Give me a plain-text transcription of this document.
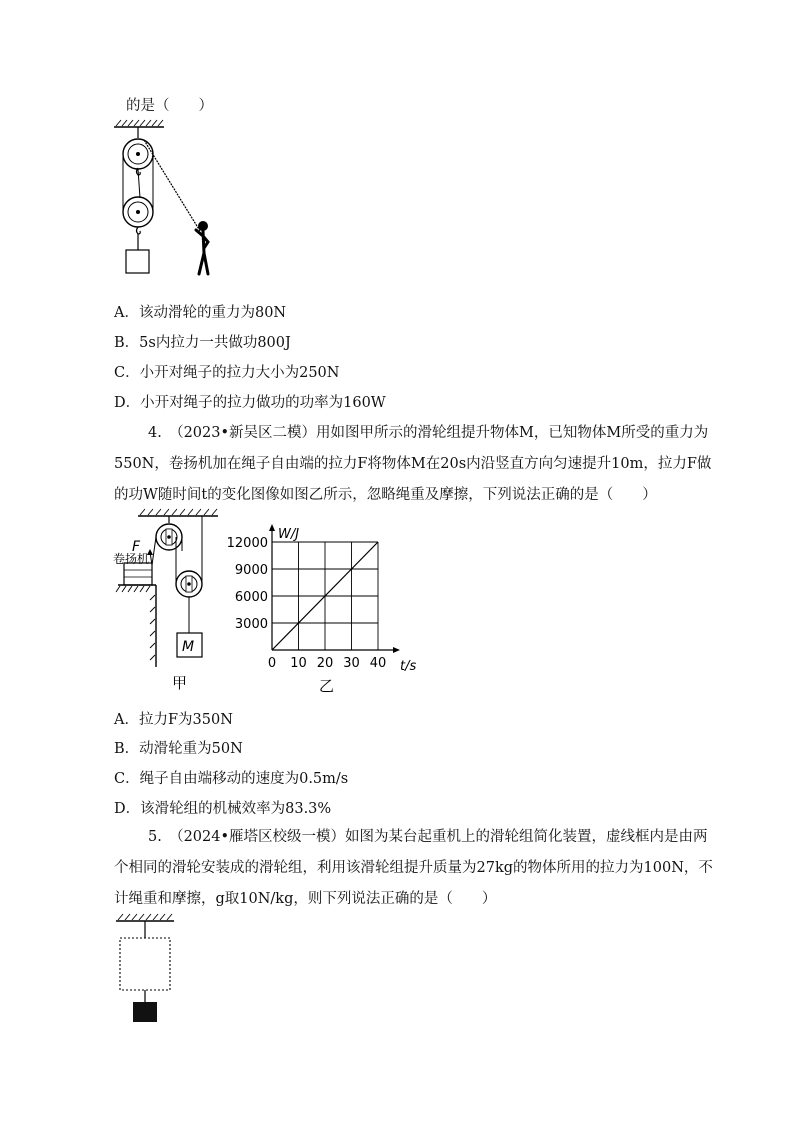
的是（　　）
A．该动滑轮的重力为80N
B．5s内拉力一共做功800J
C．小开对绳子的拉力大小为250N
D．小开对绳子的拉力做功的功率为160W
4.　（2023•新吴区二模）用如图甲所示的滑轮组提升物体M，已知物体M所受的重力为550N，卷扬机加在绳子自由端的拉力F将物体M在20s内沿竖直方向匀速提升10m，拉力F做的功W随时间t的变化图像如图乙所示，忽略绳重及摩擦，下列说法正确的是（　　）
F
卷扬机
M
甲
0 10 20 30 40
3000
6000
9000
12000
t/s
W/J
乙
A．拉力F为350N
B．动滑轮重为50N
C．绳子自由端移动的速度为0.5m/s
D．该滑轮组的机械效率为83.3%
5.　（2024•雁塔区校级一模）如图为某台起重机上的滑轮组简化装置，虚线框内是由两个相同的滑轮安装成的滑轮组，利用该滑轮组提升质量为27kg的物体所用的拉力为100N，不计绳重和摩擦，g取10N/kg，则下列说法正确的是（　　）
